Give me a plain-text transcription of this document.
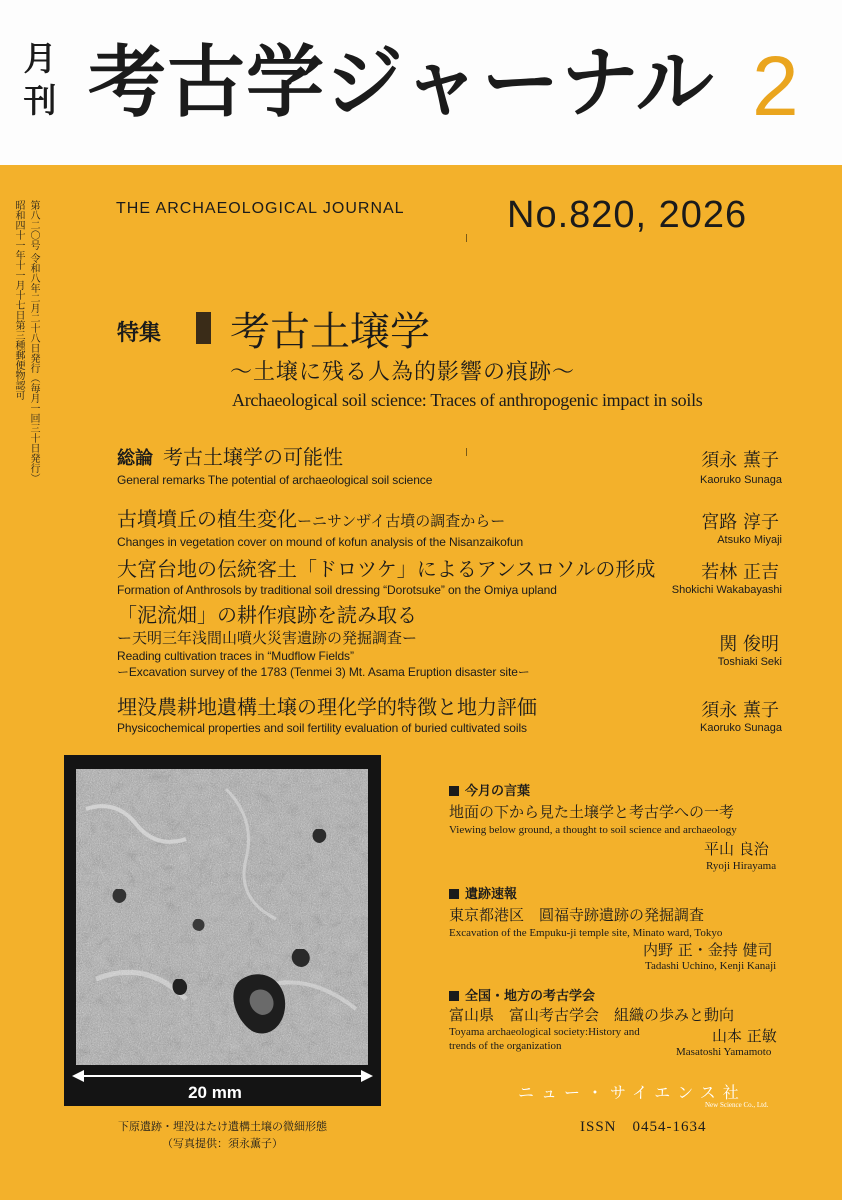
月刊 考古学ジャーナル 2
THE ARCHAEOLOGICAL JOURNAL	No.820, 2026
第八二〇号 令和八年二月二十八日発行（毎月一回三十日発行）
昭和四十一年十一月十七日第三種郵便物認可	特集 考古土壌学
〜土壌に残る人為的影響の痕跡〜
Archaeological soil science: Traces of anthropogenic impact in soils
総論 考古土壌学の可能性
General remarks The potential of archaeological soil science
須永 薫子
Kaoruko Sunaga
古墳墳丘の植生変化ーニサンザイ古墳の調査からー
Changes in vegetation cover on mound of kofun analysis of the Nisanzaikofun
宮路 淳子
Atsuko Miyaji
大宮台地の伝統客土「ドロツケ」によるアンスロソルの形成
Formation of Anthrosols by traditional soil dressing “Dorotsuke” on the Omiya upland
若林 正吉
Shokichi Wakabayashi
「泥流畑」の耕作痕跡を読み取る
ー天明三年浅間山噴火災害遺跡の発掘調査ー
Reading cultivation traces in “Mudflow Fields”
ーExcavation survey of the 1783 (Tenmei 3) Mt. Asama Eruption disaster siteー
関 俊明
Toshiaki Seki
埋没農耕地遺構土壌の理化学的特徴と地力評価
Physicochemical properties and soil fertility evaluation of buried cultivated soils
須永 薫子
Kaoruko Sunaga
20 mm
下原遺跡・埋没はたけ遺構土壌の微細形態
（写真提供：須永薫子）
今月の言葉
地面の下から見た土壌学と考古学への一考
Viewing below ground, a thought to soil science and archaeology
平山 良治
Ryoji Hirayama
遺跡速報
東京都港区　圓福寺跡遺跡の発掘調査
Excavation of the Empuku-ji temple site, Minato ward, Tokyo
内野 正・金持 健司
Tadashi Uchino, Kenji Kanaji
全国・地方の考古学会
富山県　富山考古学会　組織の歩みと動向
Toyama archaeological society:History and
trends of the organization
山本 正敏
Masatoshi Yamamoto
ニュー・サイエンス社
New Science Co., Ltd.
ISSN　0454-1634
